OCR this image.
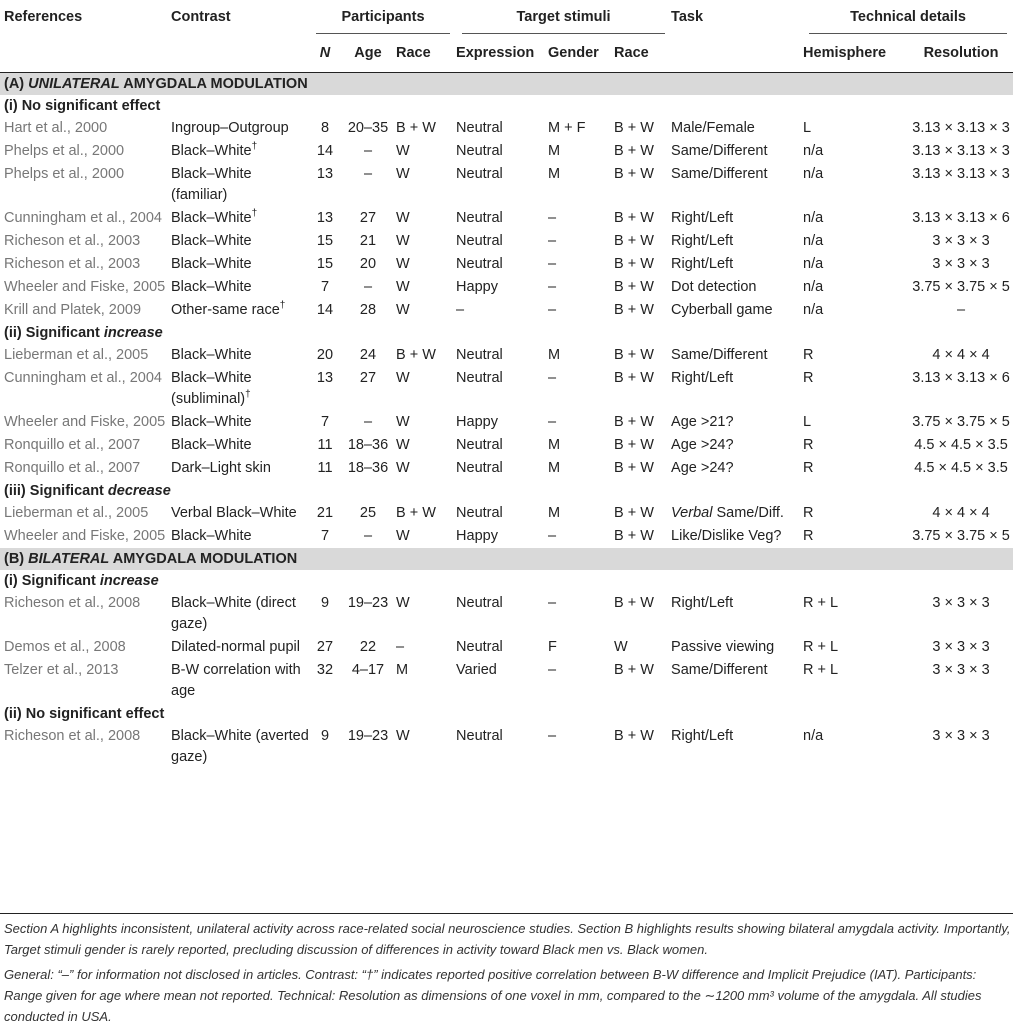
References	Contrast	Participants			Target stimuli			Task	Technical details	
		N	Age	Race	Expression	Gender	Race		Hemisphere	Resolution
(A) UNILATERAL AMYGDALA MODULATION										
(i) No significant effect										
Hart et al., 2000	Ingroup–Outgroup	8	20–35	B + W	Neutral	M + F	B + W	Male/Female	L	3.13 × 3.13 × 3
Phelps et al., 2000	Black–White†	14	–	W	Neutral	M	B + W	Same/Different	n/a	3.13 × 3.13 × 3
Phelps et al., 2000	Black–White (familiar)	13	–	W	Neutral	M	B + W	Same/Different	n/a	3.13 × 3.13 × 3
Cunningham et al., 2004	Black–White†	13	27	W	Neutral	–	B + W	Right/Left	n/a	3.13 × 3.13 × 6
Richeson et al., 2003	Black–White	15	21	W	Neutral	–	B + W	Right/Left	n/a	3 × 3 × 3
Richeson et al., 2003	Black–White	15	20	W	Neutral	–	B + W	Right/Left	n/a	3 × 3 × 3
Wheeler and Fiske, 2005	Black–White	7	–	W	Happy	–	B + W	Dot detection	n/a	3.75 × 3.75 × 5
Krill and Platek, 2009	Other-same race†	14	28	W	–	–	B + W	Cyberball game	n/a	–
(ii) Significant increase										
Lieberman et al., 2005	Black–White	20	24	B + W	Neutral	M	B + W	Same/Different	R	4 × 4 × 4
Cunningham et al., 2004	Black–White (subliminal)†	13	27	W	Neutral	–	B + W	Right/Left	R	3.13 × 3.13 × 6
Wheeler and Fiske, 2005	Black–White	7	–	W	Happy	–	B + W	Age >21?	L	3.75 × 3.75 × 5
Ronquillo et al., 2007	Black–White	11	18–36	W	Neutral	M	B + W	Age >24?	R	4.5 × 4.5 × 3.5
Ronquillo et al., 2007	Dark–Light skin	11	18–36	W	Neutral	M	B + W	Age >24?	R	4.5 × 4.5 × 3.5
(iii) Significant decrease										
Lieberman et al., 2005	Verbal Black–White	21	25	B + W	Neutral	M	B + W	Verbal Same/Diff.	R	4 × 4 × 4
Wheeler and Fiske, 2005	Black–White	7	–	W	Happy	–	B + W	Like/Dislike Veg?	R	3.75 × 3.75 × 5
(B) BILATERAL AMYGDALA MODULATION										
(i) Significant increase										
Richeson et al., 2008	Black–White (direct gaze)	9	19–23	W	Neutral	–	B + W	Right/Left	R + L	3 × 3 × 3
Demos et al., 2008	Dilated-normal pupil	27	22	–	Neutral	F	W	Passive viewing	R + L	3 × 3 × 3
Telzer et al., 2013	B-W correlation with age	32	4–17	M	Varied	–	B + W	Same/Different	R + L	3 × 3 × 3
(ii) No significant effect										
Richeson et al., 2008	Black–White (averted gaze)	9	19–23	W	Neutral	–	B + W	Right/Left	n/a	3 × 3 × 3

Section A highlights inconsistent, unilateral activity across race-related social neuroscience studies. Section B highlights results showing bilateral amygdala activity. Importantly, Target stimuli gender is rarely reported, precluding discussion of differences in activity toward Black men vs. Black women.

General: “–” for information not disclosed in articles. Contrast: “†” indicates reported positive correlation between B-W difference and Implicit Prejudice (IAT). Participants: Range given for age where mean not reported. Technical: Resolution as dimensions of one voxel in mm, compared to the ∼1200 mm³ volume of the amygdala. All studies conducted in USA.
